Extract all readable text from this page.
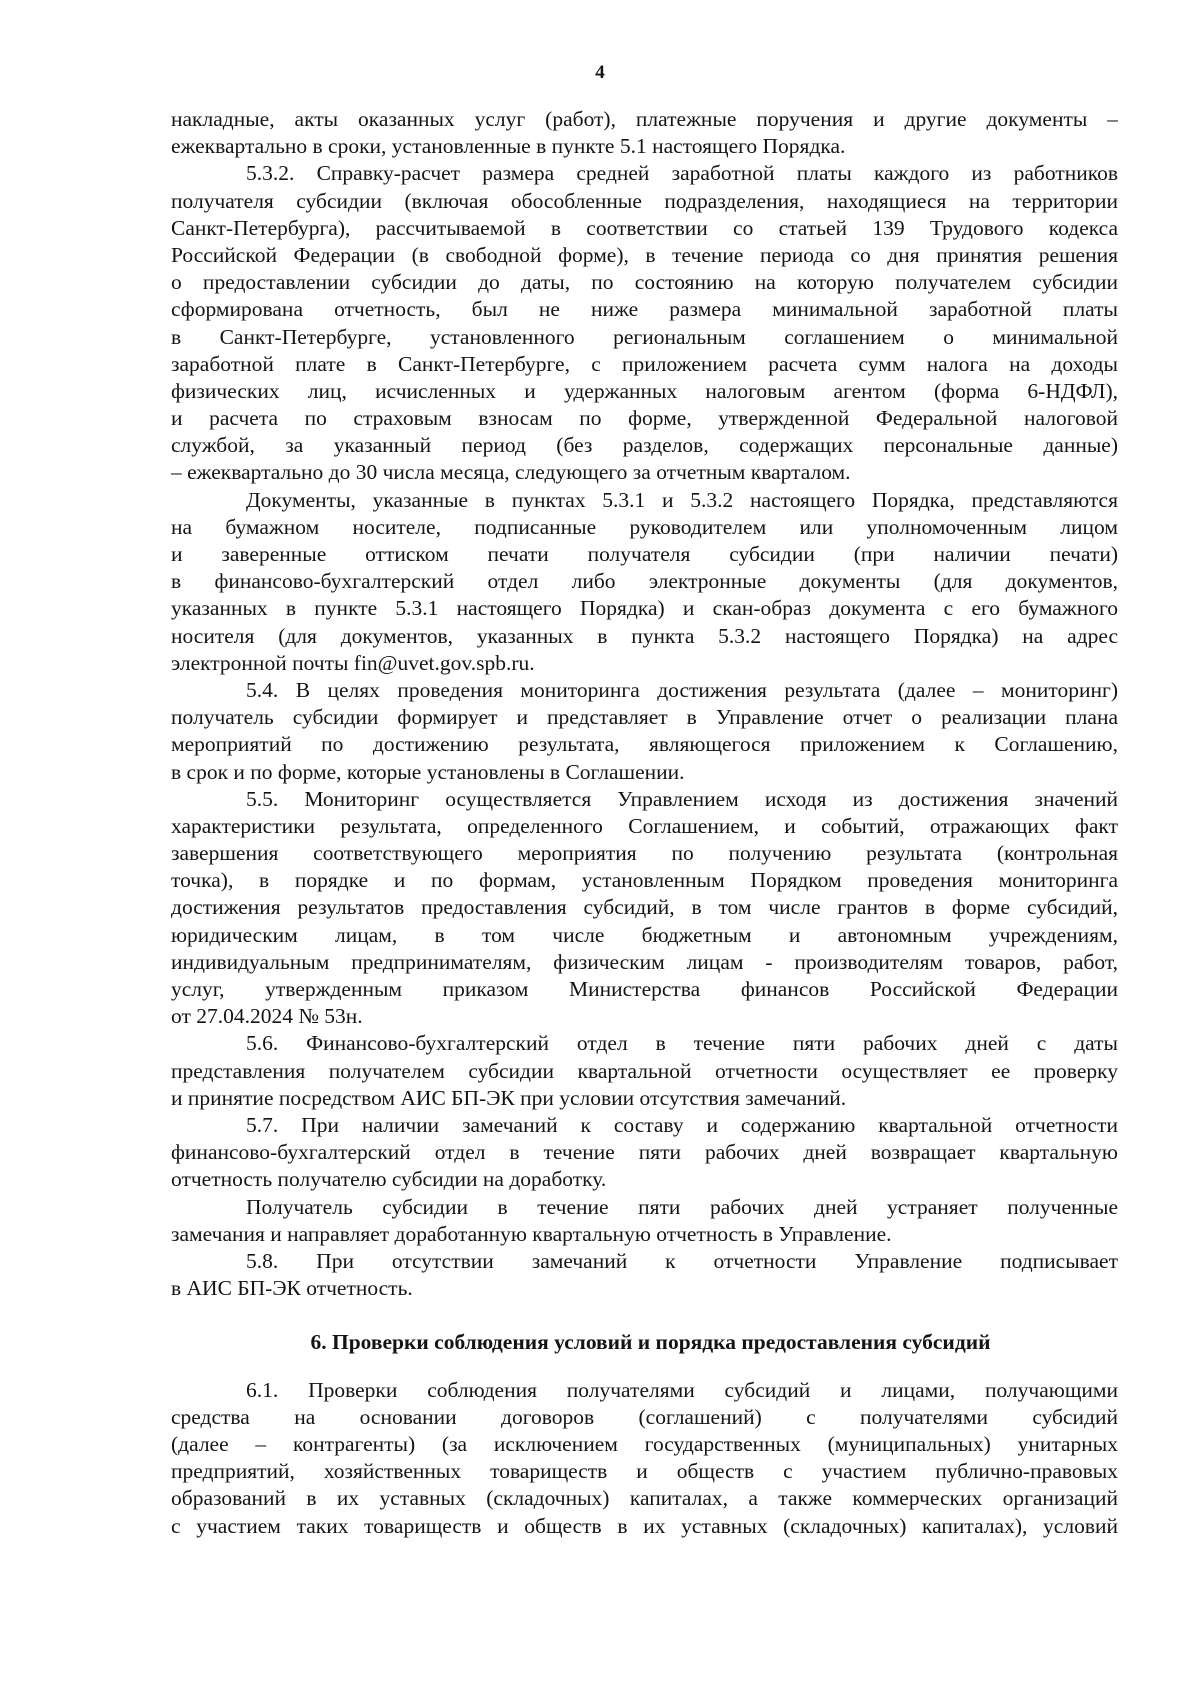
4
накладные, акты оказанных услуг (работ), платежные поручения и другие документы –
ежеквартально в сроки, установленные в пункте 5.1 настоящего Порядка.
5.3.2. Справку-расчет размера средней заработной платы каждого из работников
получателя субсидии (включая обособленные подразделения, находящиеся на территории
Санкт-Петербурга), рассчитываемой в соответствии со статьей 139 Трудового кодекса
Российской Федерации (в свободной форме), в течение периода со дня принятия решения
о предоставлении субсидии до даты, по состоянию на которую получателем субсидии
сформирована отчетность, был не ниже размера минимальной заработной платы
в Санкт-Петербурге, установленного региональным соглашением о минимальной
заработной плате в Санкт-Петербурге, с приложением расчета сумм налога на доходы
физических лиц, исчисленных и удержанных налоговым агентом (форма 6-НДФЛ),
и расчета по страховым взносам по форме, утвержденной Федеральной налоговой
службой, за указанный период (без разделов, содержащих персональные данные)
– ежеквартально до 30 числа месяца, следующего за отчетным кварталом.
Документы, указанные в пунктах 5.3.1 и 5.3.2 настоящего Порядка, представляются
на бумажном носителе, подписанные руководителем или уполномоченным лицом
и заверенные оттиском печати получателя субсидии (при наличии печати)
в финансово-бухгалтерский отдел либо электронные документы (для документов,
указанных в пункте 5.3.1 настоящего Порядка) и скан-образ документа с его бумажного
носителя (для документов, указанных в пункта 5.3.2 настоящего Порядка) на адрес
электронной почты fin@uvet.gov.spb.ru.
5.4. В целях проведения мониторинга достижения результата (далее – мониторинг)
получатель субсидии формирует и представляет в Управление отчет о реализации плана
мероприятий по достижению результата, являющегося приложением к Соглашению,
в срок и по форме, которые установлены в Соглашении.
5.5. Мониторинг осуществляется Управлением исходя из достижения значений
характеристики результата, определенного Соглашением, и событий, отражающих факт
завершения соответствующего мероприятия по получению результата (контрольная
точка), в порядке и по формам, установленным Порядком проведения мониторинга
достижения результатов предоставления субсидий, в том числе грантов в форме субсидий,
юридическим лицам, в том числе бюджетным и автономным учреждениям,
индивидуальным предпринимателям, физическим лицам - производителям товаров, работ,
услуг, утвержденным приказом Министерства финансов Российской Федерации
от 27.04.2024 № 53н.
5.6. Финансово-бухгалтерский отдел в течение пяти рабочих дней с даты
представления получателем субсидии квартальной отчетности осуществляет ее проверку
и принятие посредством АИС БП-ЭК при условии отсутствия замечаний.
5.7. При наличии замечаний к составу и содержанию квартальной отчетности
финансово-бухгалтерский отдел в течение пяти рабочих дней возвращает квартальную
отчетность получателю субсидии на доработку.
Получатель субсидии в течение пяти рабочих дней устраняет полученные
замечания и направляет доработанную квартальную отчетность в Управление.
5.8. При отсутствии замечаний к отчетности Управление подписывает
в АИС БП-ЭК отчетность.
6. Проверки соблюдения условий и порядка предоставления субсидий
6.1. Проверки соблюдения получателями субсидий и лицами, получающими
средства на основании договоров (соглашений) с получателями субсидий
(далее – контрагенты) (за исключением государственных (муниципальных) унитарных
предприятий, хозяйственных товариществ и обществ с участием публично-правовых
образований в их уставных (складочных) капиталах, а также коммерческих организаций
с участием таких товариществ и обществ в их уставных (складочных) капиталах), условий
